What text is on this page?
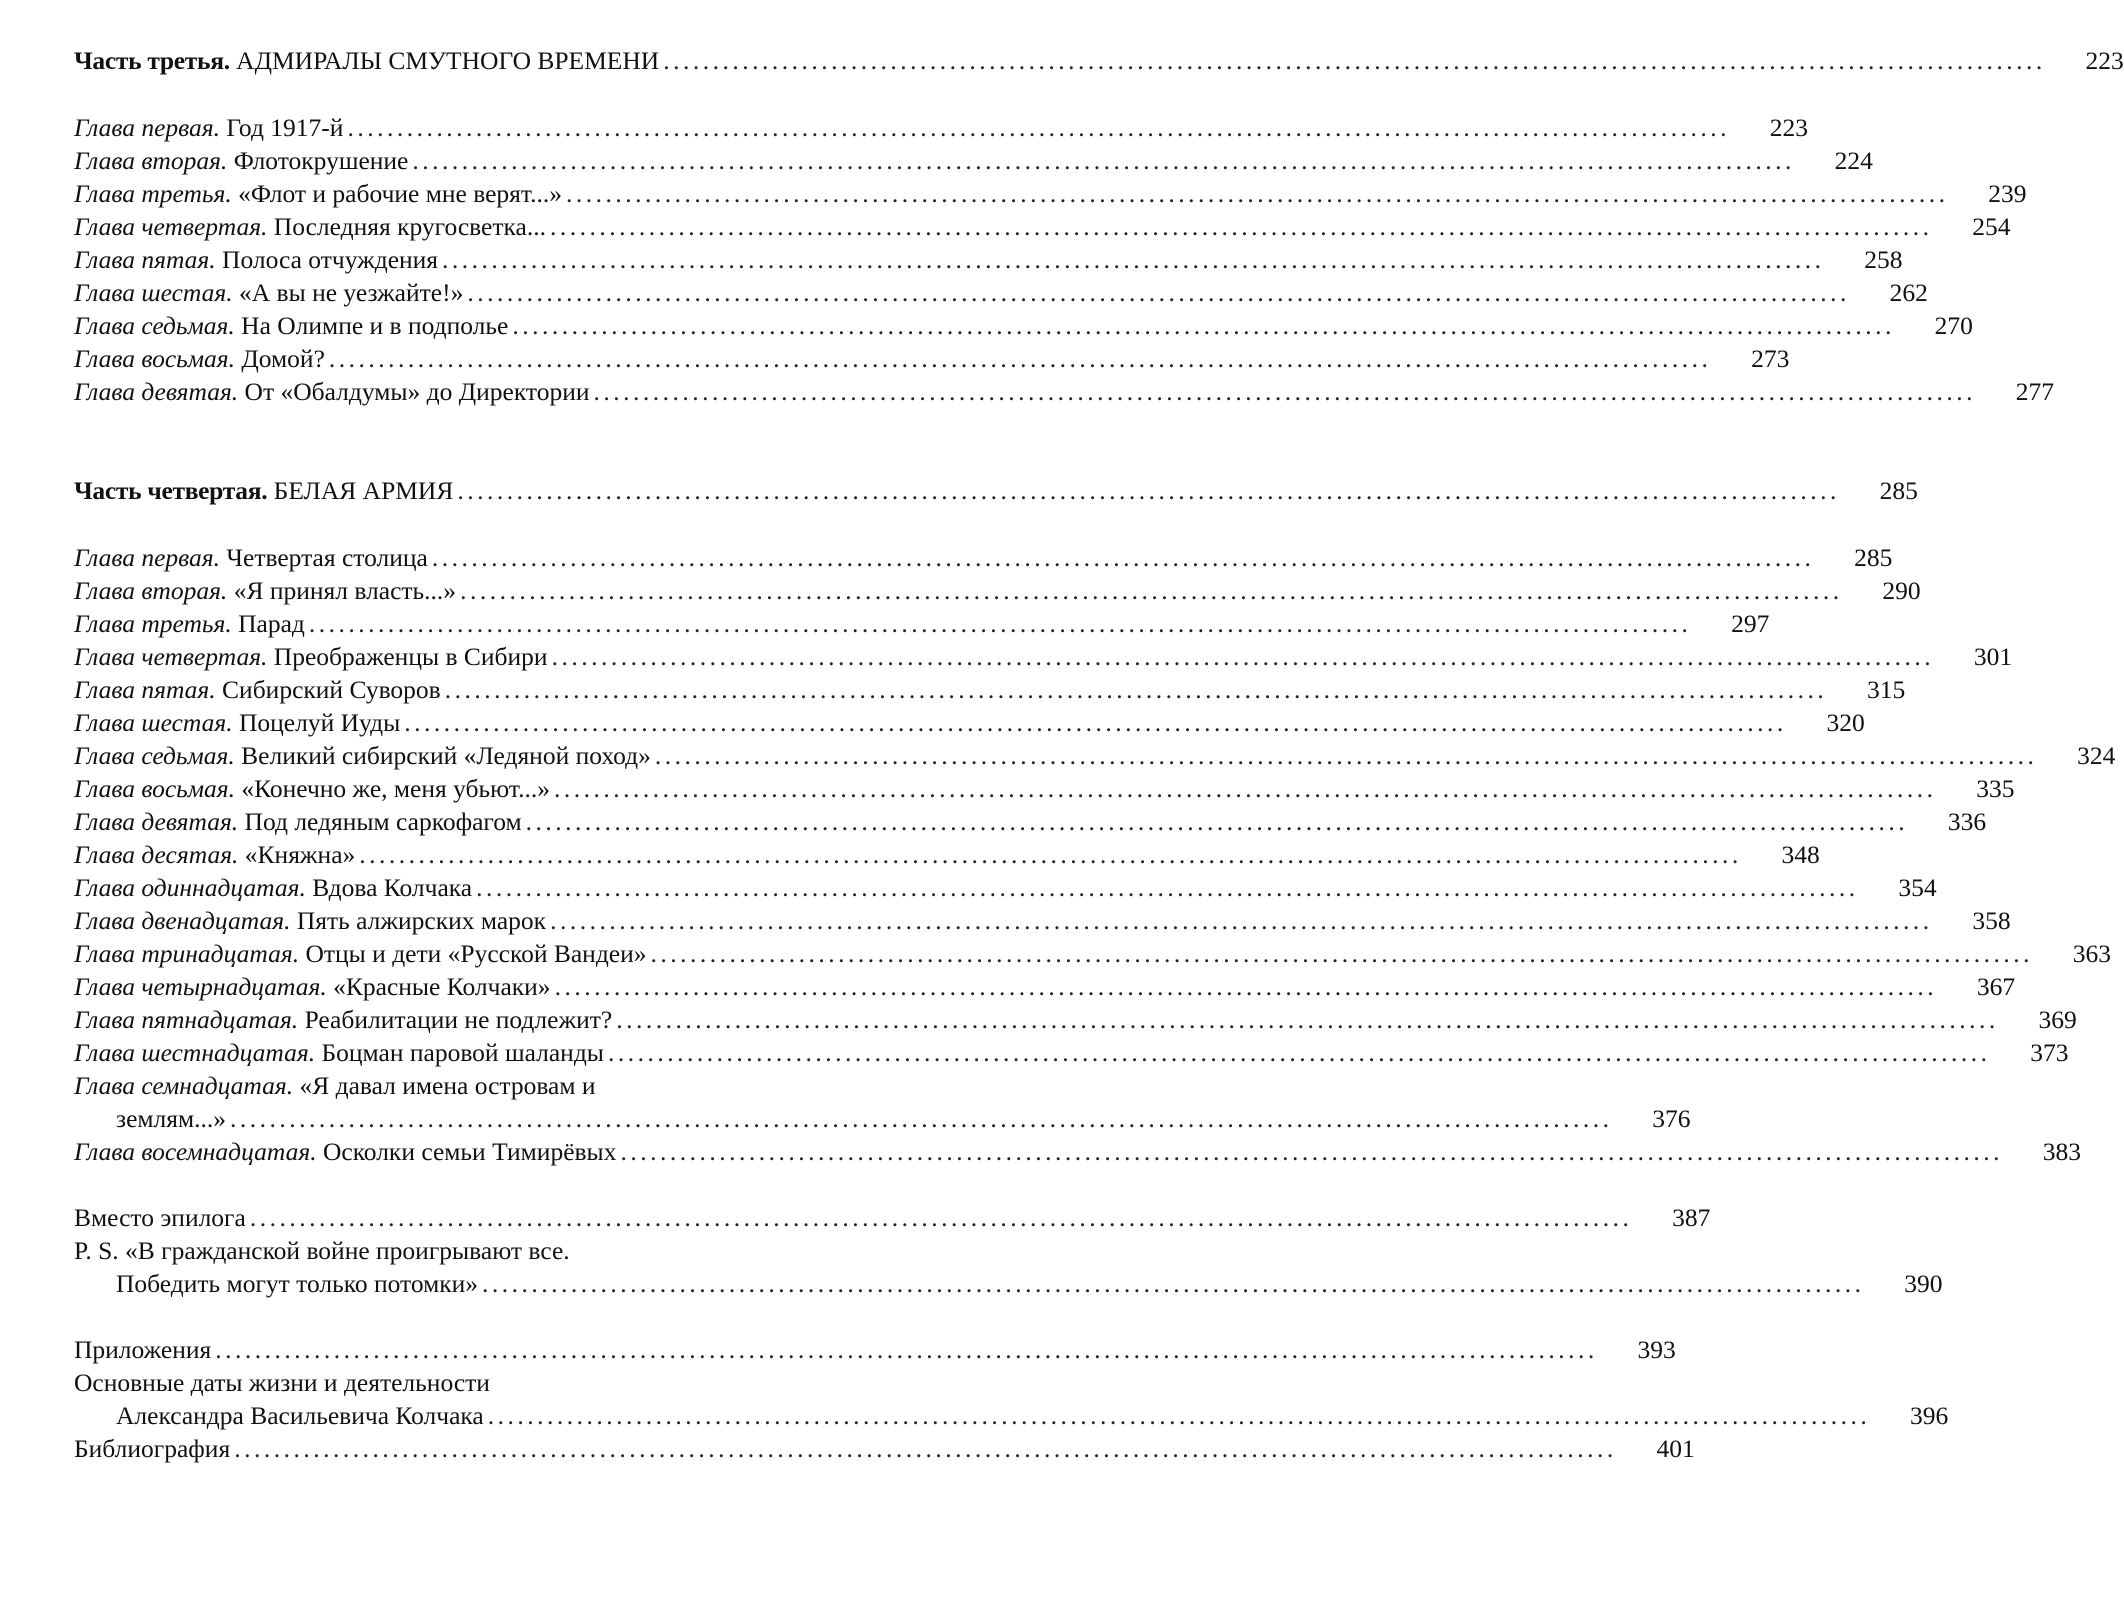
Часть третья. АДМИРАЛЫ СМУТНОГО ВРЕМЕНИ ............................................................................................................................................	223
Глава первая. Год 1917-й ............................................................................................................................................	223
Глава вторая. Флотокрушение ............................................................................................................................................	224
Глава третья. «Флот и рабочие мне верят...» ............................................................................................................................................	239
Глава четвертая. Последняя кругосветка... ............................................................................................................................................	254
Глава пятая. Полоса отчуждения ............................................................................................................................................	258
Глава шестая. «А вы не уезжайте!» ............................................................................................................................................	262
Глава седьмая. На Олимпе и в подполье ............................................................................................................................................	270
Глава восьмая. Домой? ............................................................................................................................................	273
Глава девятая. От «Обалдумы» до Директории ............................................................................................................................................	277
Часть четвертая. БЕЛАЯ АРМИЯ ............................................................................................................................................	285
Глава первая. Четвертая столица ............................................................................................................................................	285
Глава вторая. «Я принял власть...» ............................................................................................................................................	290
Глава третья. Парад ............................................................................................................................................	297
Глава четвертая. Преображенцы в Сибири ............................................................................................................................................	301
Глава пятая. Сибирский Суворов ............................................................................................................................................	315
Глава шестая. Поцелуй Иуды ............................................................................................................................................	320
Глава седьмая. Великий сибирский «Ледяной поход» ............................................................................................................................................	324
Глава восьмая. «Конечно же, меня убьют...» ............................................................................................................................................	335
Глава девятая. Под ледяным саркофагом ............................................................................................................................................	336
Глава десятая. «Княжна» ............................................................................................................................................	348
Глава одиннадцатая. Вдова Колчака ............................................................................................................................................	354
Глава двенадцатая. Пять алжирских марок ............................................................................................................................................	358
Глава тринадцатая. Отцы и дети «Русской Вандеи» ............................................................................................................................................	363
Глава четырнадцатая. «Красные Колчаки» ............................................................................................................................................	367
Глава пятнадцатая. Реабилитации не подлежит? ............................................................................................................................................	369
Глава шестнадцатая. Боцман паровой шаланды ............................................................................................................................................	373
Глава семнадцатая. «Я давал имена островам и
землям...» ............................................................................................................................................	376
Глава восемнадцатая. Осколки семьи Тимирёвых ............................................................................................................................................	383
Вместо эпилога ............................................................................................................................................	387
P. S. «В гражданской войне проигрывают все.
Победить могут только потомки» ............................................................................................................................................	390
Приложения ............................................................................................................................................	393
Основные даты жизни и деятельности
Александра Васильевича Колчака ............................................................................................................................................	396
Библиография ............................................................................................................................................	401
